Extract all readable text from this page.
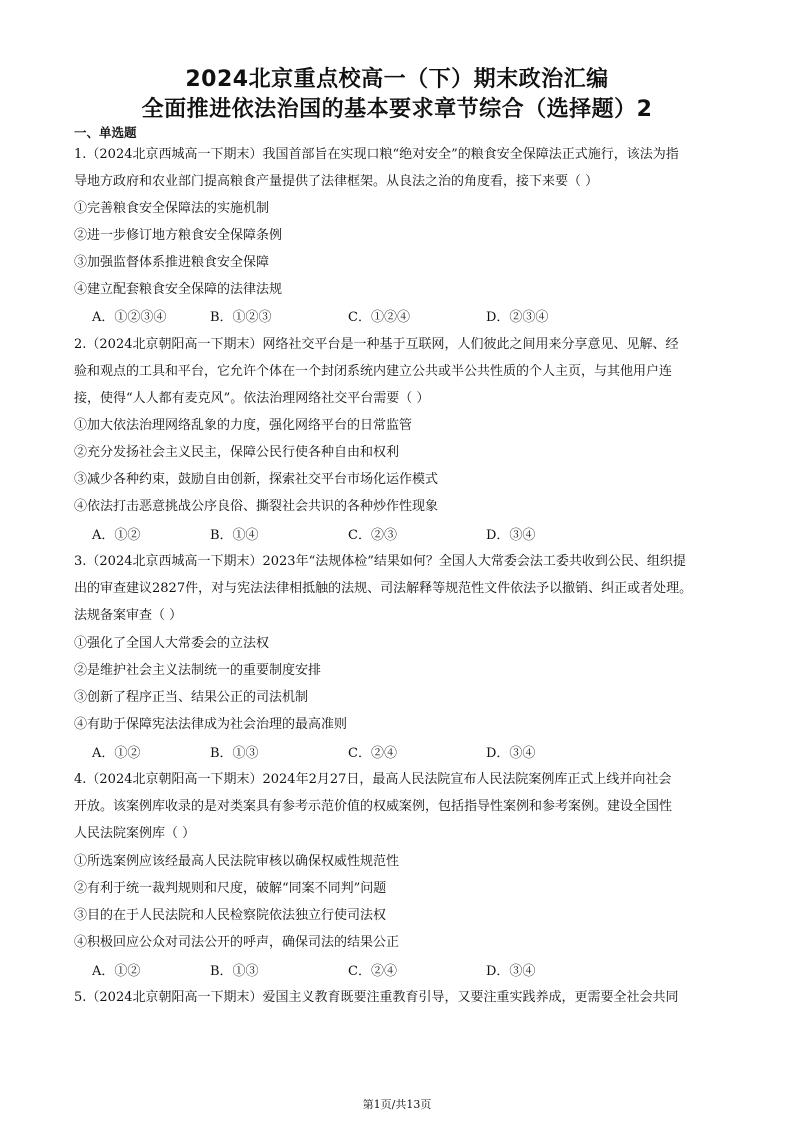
2024北京重点校高一（下）期末政治汇编
全面推进依法治国的基本要求章节综合（选择题）2
一、单选题
1.（2024北京西城高一下期末）我国首部旨在实现口粮“绝对安全”的粮食安全保障法正式施行，该法为指
导地方政府和农业部门提高粮食产量提供了法律框架。从良法之治的角度看，接下来要（ ）
①完善粮食安全保障法的实施机制
②进一步修订地方粮食安全保障条例
③加强监督体系推进粮食安全保障
④建立配套粮食安全保障的法律法规
A．①②③④	B．①②③	C．①②④	D．②③④
2.（2024北京朝阳高一下期末）网络社交平台是一种基于互联网，人们彼此之间用来分享意见、见解、经
验和观点的工具和平台，它允许个体在一个封闭系统内建立公共或半公共性质的个人主页，与其他用户连
接，使得“人人都有麦克风”。依法治理网络社交平台需要（ ）
①加大依法治理网络乱象的力度，强化网络平台的日常监管
②充分发扬社会主义民主，保障公民行使各种自由和权利
③减少各种约束，鼓励自由创新，探索社交平台市场化运作模式
④依法打击恶意挑战公序良俗、撕裂社会共识的各种炒作性现象
A．①②	B．①④	C．②③	D．③④
3.（2024北京西城高一下期末）2023年“法规体检”结果如何？全国人大常委会法工委共收到公民、组织提
出的审查建议2827件，对与宪法法律相抵触的法规、司法解释等规范性文件依法予以撤销、纠正或者处理。
法规备案审查（ ）
①强化了全国人大常委会的立法权
②是维护社会主义法制统一的重要制度安排
③创新了程序正当、结果公正的司法机制
④有助于保障宪法法律成为社会治理的最高准则
A．①②	B．①③	C．②④	D．③④
4.（2024北京朝阳高一下期末）2024年2月27日，最高人民法院宣布人民法院案例库正式上线并向社会
开放。该案例库收录的是对类案具有参考示范价值的权威案例，包括指导性案例和参考案例。建设全国性
人民法院案例库（ ）
①所选案例应该经最高人民法院审核以确保权威性规范性
②有利于统一裁判规则和尺度，破解“同案不同判”问题
③目的在于人民法院和人民检察院依法独立行使司法权
④积极回应公众对司法公开的呼声，确保司法的结果公正
A．①②	B．①③	C．②④	D．③④
5.（2024北京朝阳高一下期末）爱国主义教育既要注重教育引导，又要注重实践养成，更需要全社会共同
第1页/共13页
